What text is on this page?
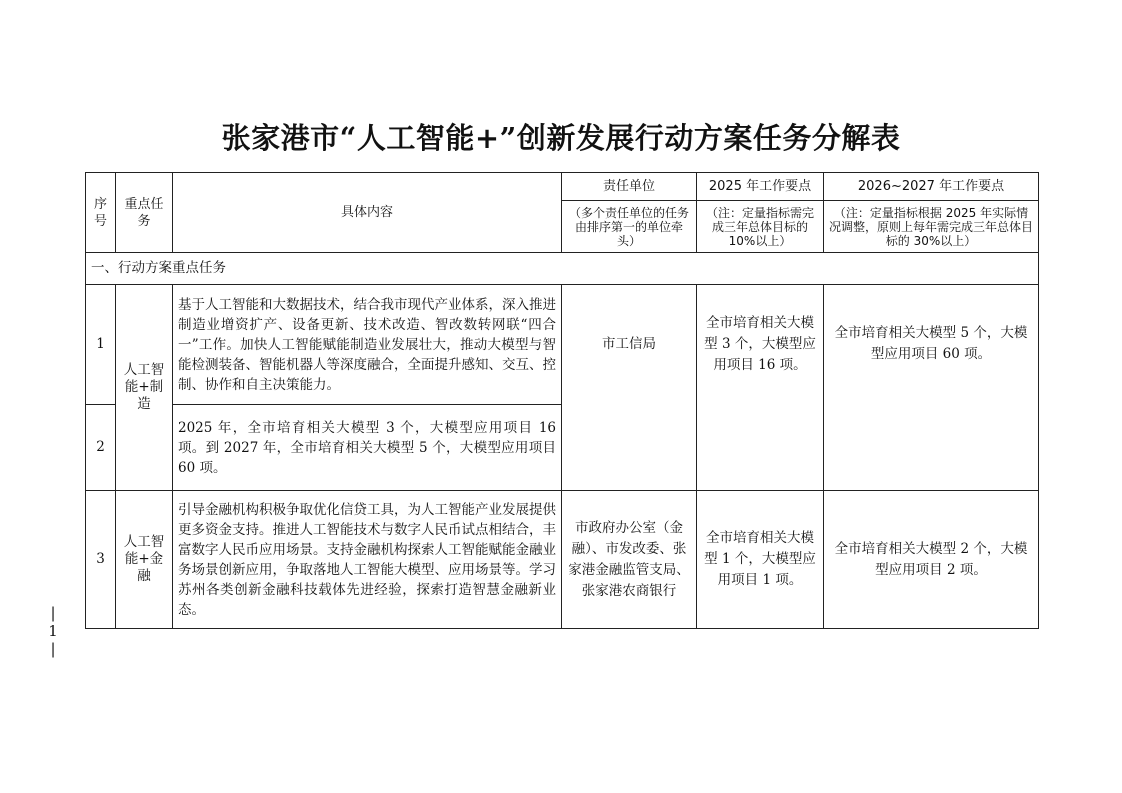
张家港市“人工智能+”创新发展行动方案任务分解表
序号	重点任务	具体内容	责任单位	2025 年工作要点	2026~2027 年工作要点
			（多个责任单位的任务由排序第一的单位牵头）	（注：定量指标需完成三年总体目标的 10%以上）	（注：定量指标根据 2025 年实际情况调整，原则上每年需完成三年总体目标的 30%以上）
一、行动方案重点任务					
1	人工智能+制造	基于人工智能和大数据技术，结合我市现代产业体系，深入推进制造业增资扩产、设备更新、技术改造、智改数转网联“四合一”工作。加快人工智能赋能制造业发展壮大，推动大模型与智能检测装备、智能机器人等深度融合，全面提升感知、交互、控制、协作和自主决策能力。	市工信局	全市培育相关大模型 3 个，大模型应用项目 16 项。	全市培育相关大模型 5 个，大模型应用项目 60 项。
2		2025 年，全市培育相关大模型 3 个，大模型应用项目 16 项。到 2027 年，全市培育相关大模型 5 个，大模型应用项目 60 项。			
3	人工智能+金融	引导金融机构积极争取优化信贷工具，为人工智能产业发展提供更多资金支持。推进人工智能技术与数字人民币试点相结合，丰富数字人民币应用场景。支持金融机构探索人工智能赋能金融业务场景创新应用，争取落地人工智能大模型、应用场景等。学习苏州各类创新金融科技载体先进经验，探索打造智慧金融新业态。	市政府办公室（金融）、市发改委、张家港金融监管支局、张家港农商银行	全市培育相关大模型 1 个，大模型应用项目 1 项。	全市培育相关大模型 2 个，大模型应用项目 2 项。
|
1
|
